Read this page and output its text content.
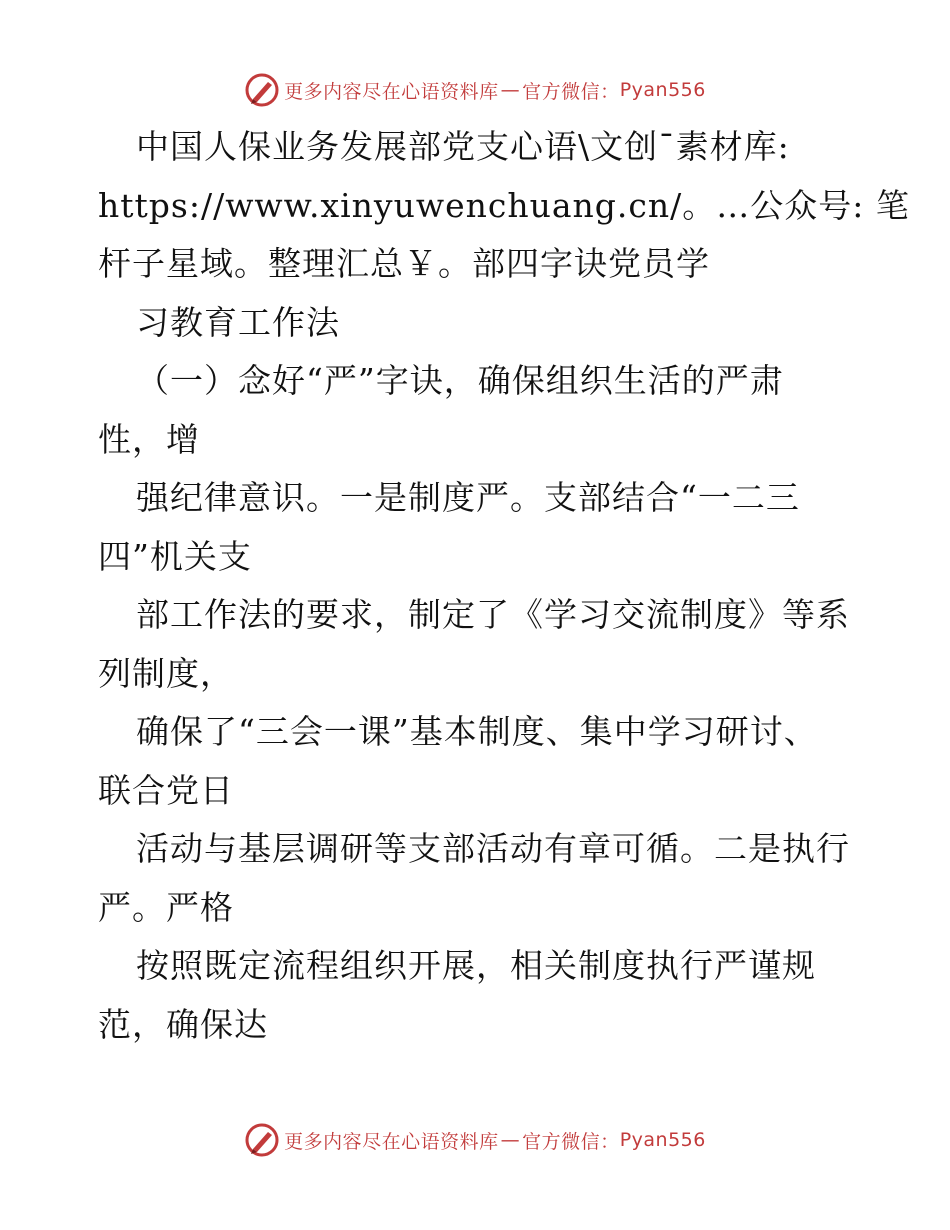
更多内容尽在心语资料库 — 官方微信： Pyan556
中国人保业务发展部党支心语\文创¯素材库:
https://www.xinyuwenchuang.cn/。…公众号: 笔
杆子星域。整理汇总￥。部四字诀党员学
习教育工作法
（一）念好“严”字诀，确保组织生活的严肃
性，增
强纪律意识。一是制度严。支部结合“一二三
四”机关支
部工作法的要求，制定了《学习交流制度》等系
列制度，
确保了“三会一课”基本制度、集中学习研讨、
联合党日
活动与基层调研等支部活动有章可循。二是执行
严。严格
按照既定流程组织开展，相关制度执行严谨规
范，确保达
更多内容尽在心语资料库 — 官方微信： Pyan556
